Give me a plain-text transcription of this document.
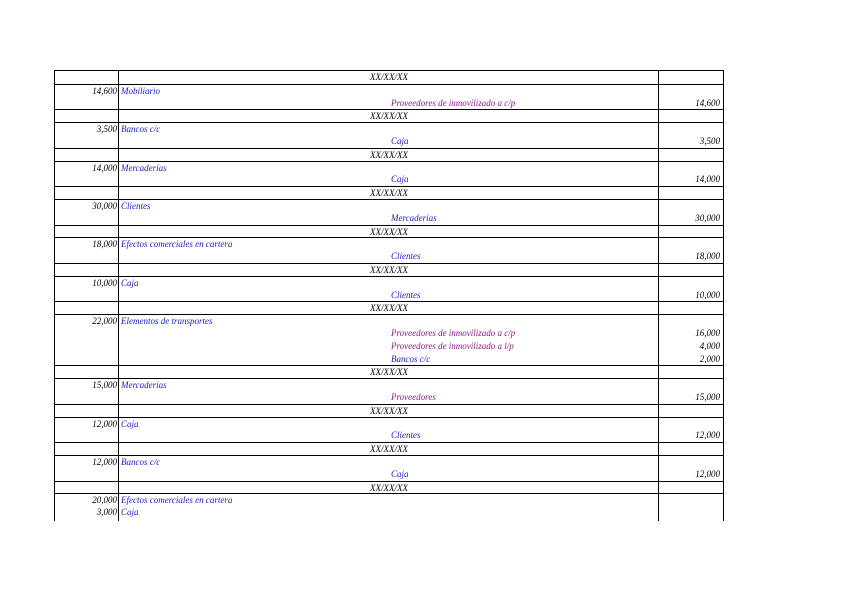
XX/XX/XX
14,600 Mobiliario
Proveedores de inmovilizado a c/p	14,600
XX/XX/XX
3,500 Bancos c/c
Caja	3,500
XX/XX/XX
14,000 Mercaderías
Caja	14,000
XX/XX/XX
30,000 Clientes
Mercaderías	30,000
XX/XX/XX
18,000 Efectos comerciales en cartera
Clientes	18,000
XX/XX/XX
10,000 Caja
Clientes	10,000
XX/XX/XX
22,000 Elementos de transportes
Proveedores de inmovilizado a c/p	16,000
Proveedores de inmovilizado a l/p	4,000
Bancos c/c	2,000
XX/XX/XX
15,000 Mercaderías
Proveedores	15,000
XX/XX/XX
12,000 Caja
Clientes	12,000
XX/XX/XX
12,000 Bancos c/c
Caja	12,000
XX/XX/XX
20,000 Efectos comerciales en cartera
3,000 Caja
